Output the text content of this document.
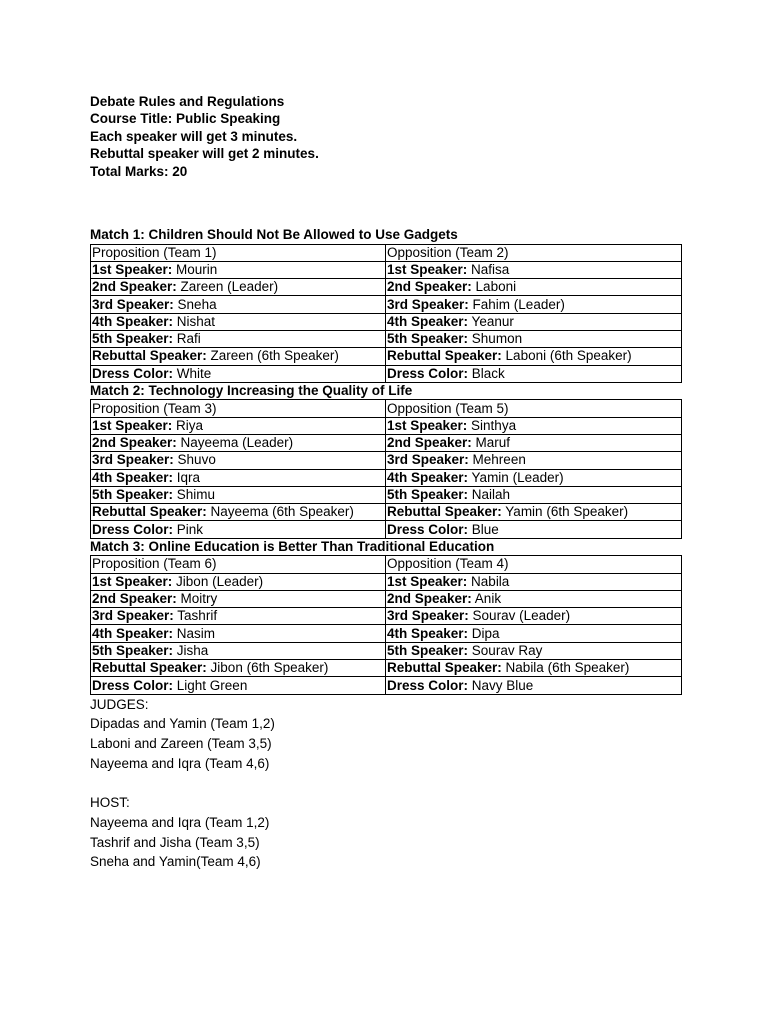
Debate Rules and Regulations
Course Title: Public Speaking
Each speaker will get 3 minutes.
Rebuttal speaker will get 2 minutes.
Total Marks: 20
Match 1: Children Should Not Be Allowed to Use Gadgets
Proposition (Team 1)	Opposition (Team 2)
1st Speaker: Mourin	1st Speaker: Nafisa
2nd Speaker: Zareen (Leader)	2nd Speaker: Laboni
3rd Speaker: Sneha	3rd Speaker: Fahim (Leader)
4th Speaker: Nishat	4th Speaker: Yeanur
5th Speaker: Rafi	5th Speaker: Shumon
Rebuttal Speaker: Zareen (6th Speaker)	Rebuttal Speaker: Laboni (6th Speaker)
Dress Color: White	Dress Color: Black
Match 2: Technology Increasing the Quality of Life
Proposition (Team 3)	Opposition (Team 5)
1st Speaker: Riya	1st Speaker: Sinthya
2nd Speaker: Nayeema (Leader)	2nd Speaker: Maruf
3rd Speaker: Shuvo	3rd Speaker: Mehreen
4th Speaker: Iqra	4th Speaker: Yamin (Leader)
5th Speaker: Shimu	5th Speaker: Nailah
Rebuttal Speaker: Nayeema (6th Speaker)	Rebuttal Speaker: Yamin (6th Speaker)
Dress Color: Pink	Dress Color: Blue
Match 3: Online Education is Better Than Traditional Education
Proposition (Team 6)	Opposition (Team 4)
1st Speaker: Jibon (Leader)	1st Speaker: Nabila
2nd Speaker: Moitry	2nd Speaker: Anik
3rd Speaker: Tashrif	3rd Speaker: Sourav (Leader)
4th Speaker: Nasim	4th Speaker: Dipa
5th Speaker: Jisha	5th Speaker: Sourav Ray
Rebuttal Speaker: Jibon (6th Speaker)	Rebuttal Speaker: Nabila (6th Speaker)
Dress Color: Light Green	Dress Color: Navy Blue
JUDGES:
Dipadas and Yamin (Team 1,2)
Laboni and Zareen (Team 3,5)
Nayeema and Iqra (Team 4,6)
HOST:
Nayeema and Iqra (Team 1,2)
Tashrif and Jisha (Team 3,5)
Sneha and Yamin(Team 4,6)
